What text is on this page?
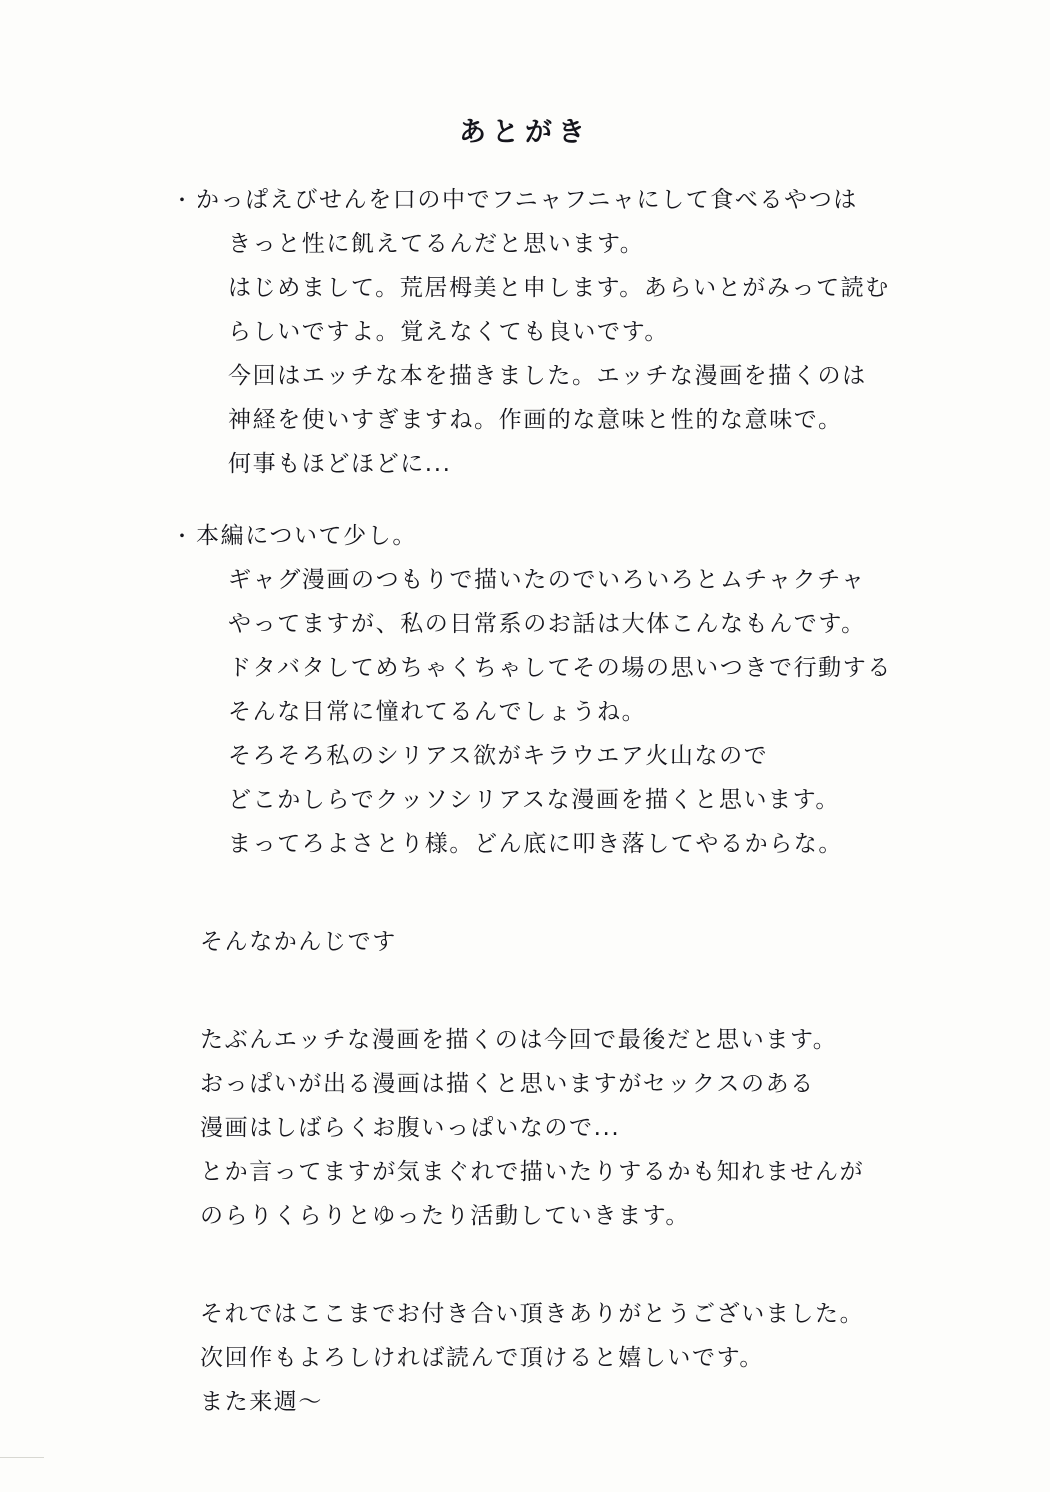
あとがき
・ かっぱえびせんを口の中でフニャフニャにして食べるやつは
きっと性に飢えてるんだと思います。
はじめまして。荒居栂美と申します。あらいとがみって読む
らしいですよ。覚えなくても良いです。
今回はエッチな本を描きました。エッチな漫画を描くのは
神経を使いすぎますね。作画的な意味と性的な意味で。
何事もほどほどに...
・ 本編について少し。
ギャグ漫画のつもりで描いたのでいろいろとムチャクチャ
やってますが、私の日常系のお話は大体こんなもんです。
ドタバタしてめちゃくちゃしてその場の思いつきで行動する
そんな日常に憧れてるんでしょうね。
そろそろ私のシリアス欲がキラウエア火山なので
どこかしらでクッソシリアスな漫画を描くと思います。
まってろよさとり様。どん底に叩き落してやるからな。
そんなかんじです
たぶんエッチな漫画を描くのは今回で最後だと思います。
おっぱいが出る漫画は描くと思いますがセックスのある
漫画はしばらくお腹いっぱいなので...
とか言ってますが気まぐれで描いたりするかも知れませんが
のらりくらりとゆったり活動していきます。
それではここまでお付き合い頂きありがとうございました。
次回作もよろしければ読んで頂けると嬉しいです。
また来週〜
